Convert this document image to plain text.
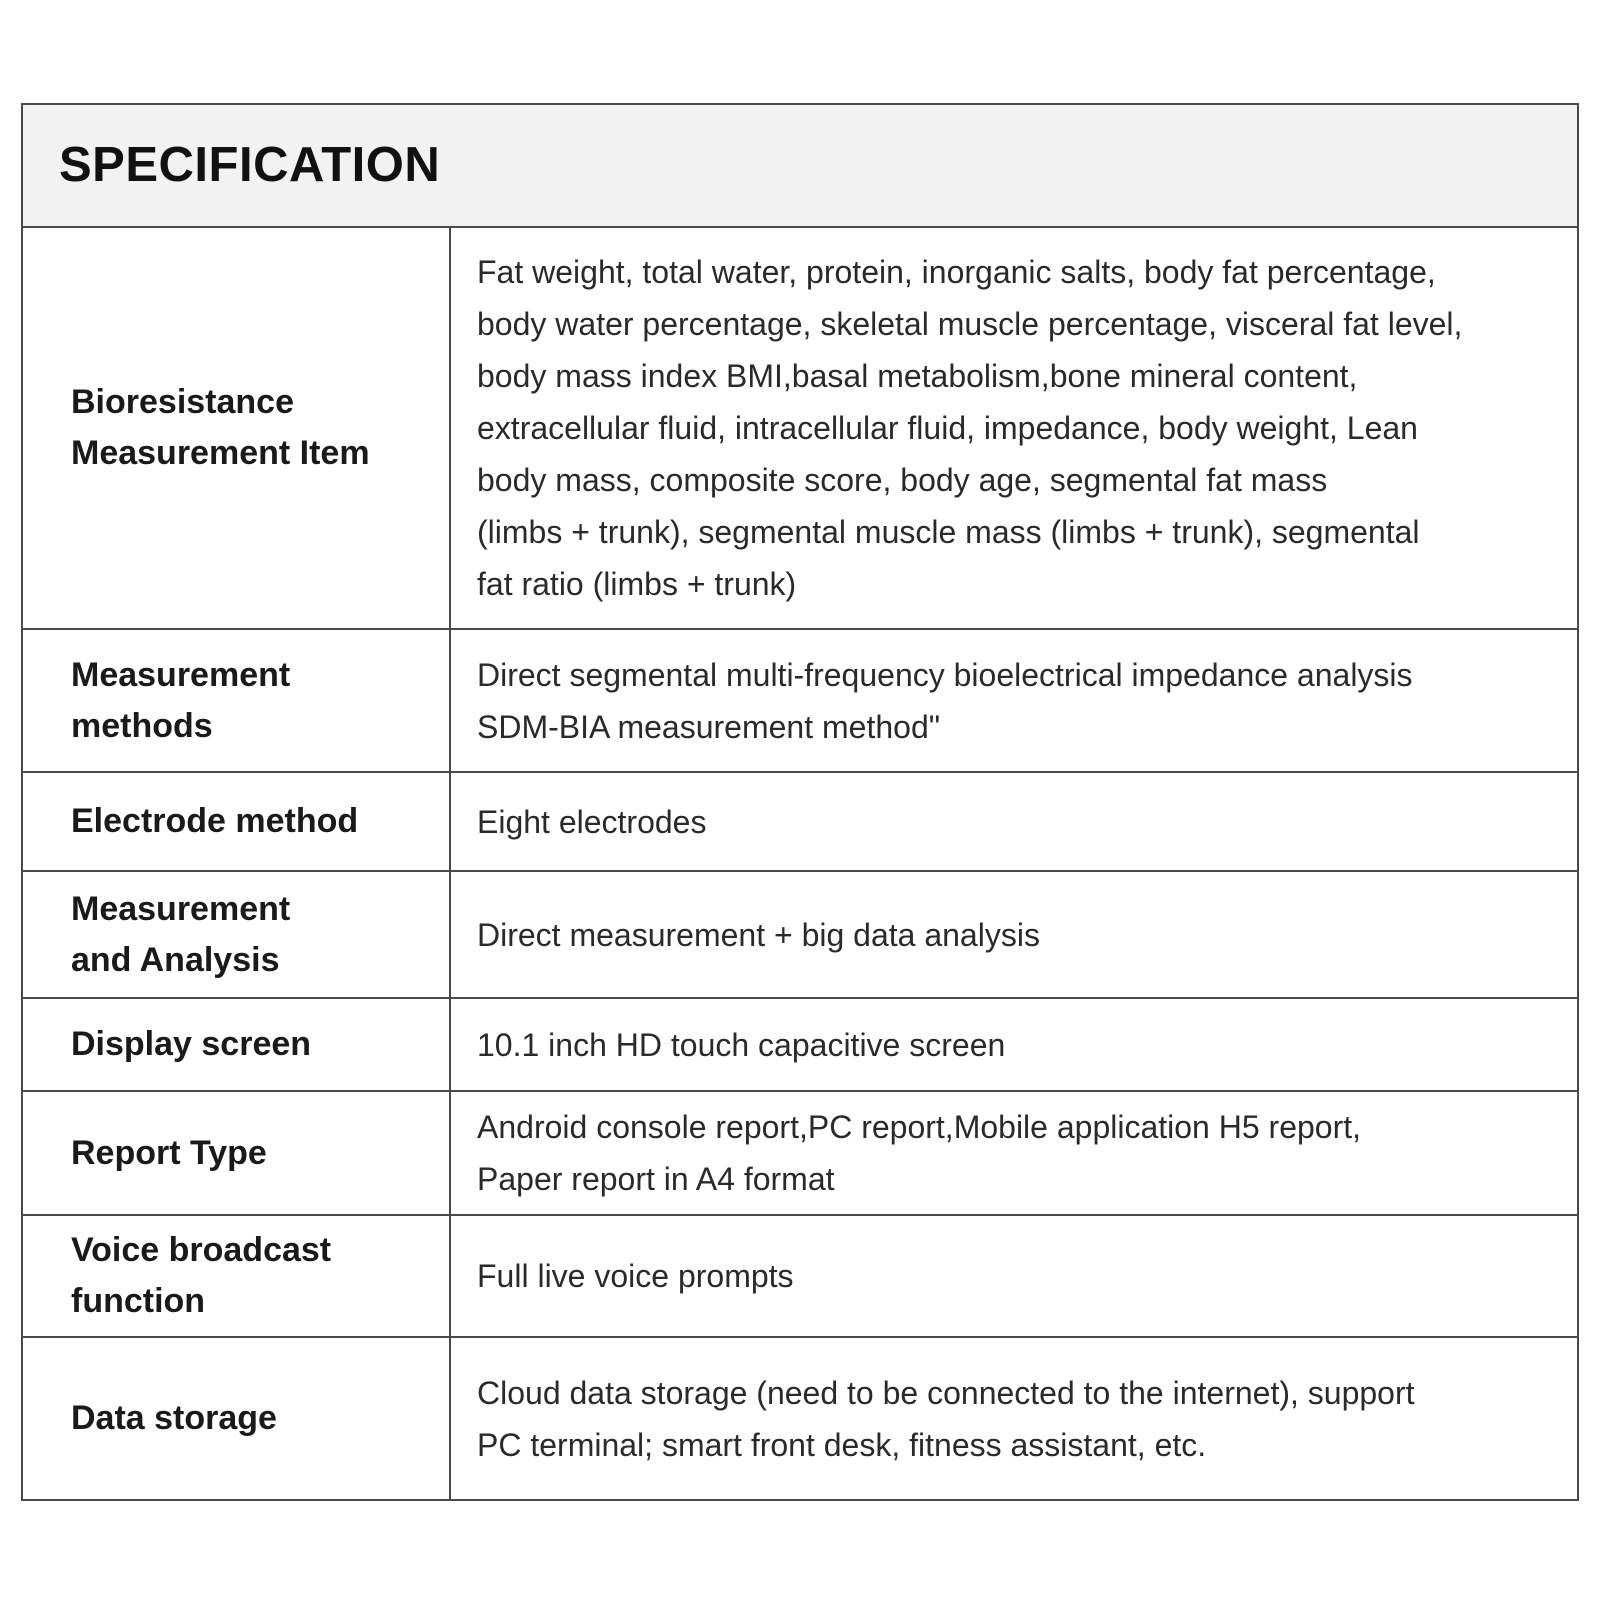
SPECIFICATION
Bioresistance
Measurement Item
Fat weight, total water, protein, inorganic salts, body fat percentage,
body water percentage, skeletal muscle percentage, visceral fat level,
body mass index BMI,basal metabolism,bone mineral content,
extracellular fluid, intracellular fluid, impedance, body weight, Lean
body mass, composite score, body age, segmental fat mass
(limbs + trunk), segmental muscle mass (limbs + trunk), segmental
fat ratio (limbs + trunk)
Measurement
methods
Direct segmental multi-frequency bioelectrical impedance analysis
SDM-BIA measurement method"
Electrode method	Eight electrodes
Measurement
and Analysis
Direct measurement + big data analysis
Display screen	10.1 inch HD touch capacitive screen
Report Type
Android console report,PC report,Mobile application H5 report,
Paper report in A4 format
Voice broadcast
function
Full live voice prompts
Data storage
Cloud data storage (need to be connected to the internet), support
PC terminal; smart front desk, fitness assistant, etc.
